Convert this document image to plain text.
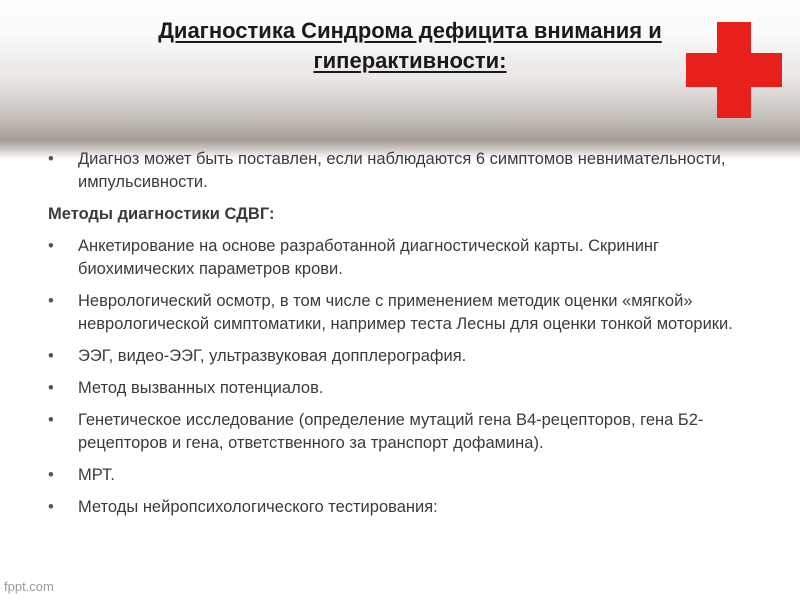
Диагностика Синдрома дефицита внимания и гиперактивности:
• Диагноз может быть поставлен, если наблюдаются 6 симптомов невнимательности, импульсивности.
Методы диагностики СДВГ:
• Анкетирование на основе разработанной диагностической карты. Скрининг биохимических параметров крови.
• Неврологический осмотр, в том числе с применением методик оценки «мягкой» неврологической симптоматики, например теста Лесны для оценки тонкой моторики.
• ЭЭГ, видео-ЭЭГ, ультразвуковая допплерография.
• Метод вызванных потенциалов.
• Генетическое исследование (определение мутаций гена В4-рецепторов, гена Б2-рецепторов и гена, ответственного за транспорт дофамина).
• МРТ.
• Методы нейропсихологического тестирования:
fppt.com
